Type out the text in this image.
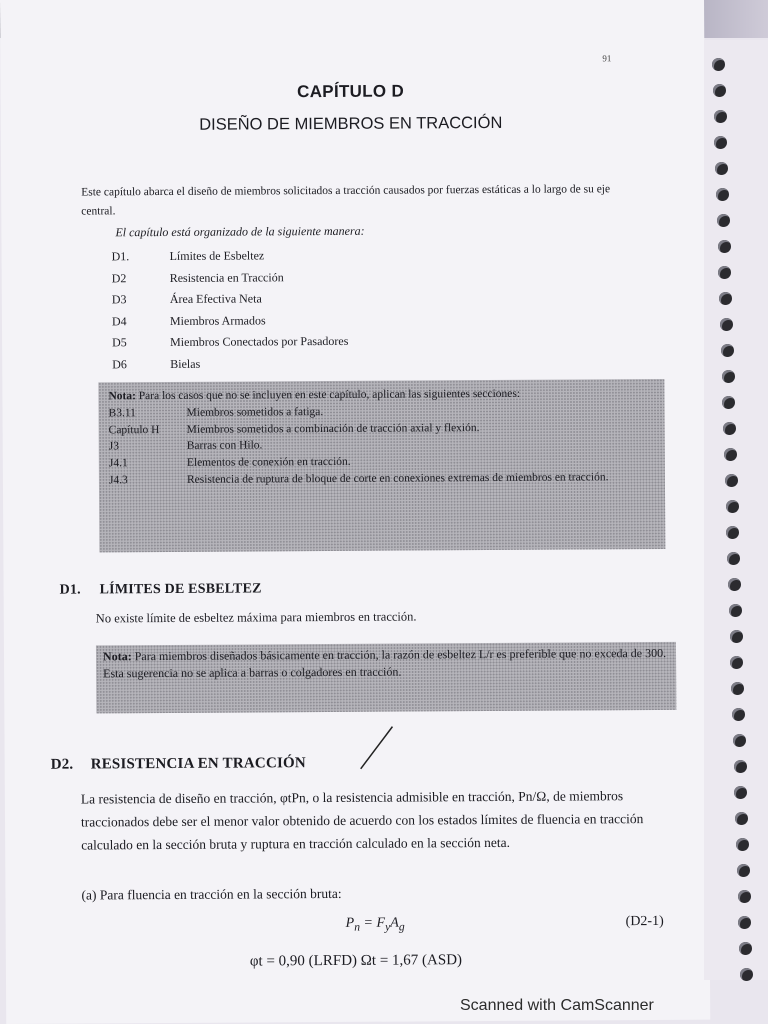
91
CAPÍTULO D
DISEÑO DE MIEMBROS EN TRACCIÓN
Este capítulo abarca el diseño de miembros solicitados a tracción causados por fuerzas estáticas a lo largo de su eje central.
El capítulo está organizado de la siguiente manera:
D1.	Límites de Esbeltez
D2	Resistencia en Tracción
D3	Área Efectiva Neta
D4	Miembros Armados
D5	Miembros Conectados por Pasadores
D6	Bielas
Nota: Para los casos que no se incluyen en este capítulo, aplican las siguientes secciones:
B3.11	Miembros sometidos a fatiga.
Capítulo H	Miembros sometidos a combinación de tracción axial y flexión.
J3	Barras con Hilo.
J4.1	Elementos de conexión en tracción.
J4.3	Resistencia de ruptura de bloque de corte en conexiones extremas de miembros en tracción.
D1. LÍMITES DE ESBELTEZ
No existe límite de esbeltez máxima para miembros en tracción.
Nota: Para miembros diseñados básicamente en tracción, la razón de esbeltez L/r es preferible que no exceda de 300. Esta sugerencia no se aplica a barras o colgadores en tracción.
D2. RESISTENCIA EN TRACCIÓN
La resistencia de diseño en tracción, φtPn, o la resistencia admisible en tracción, Pn/Ω, de miembros traccionados debe ser el menor valor obtenido de acuerdo con los estados límites de fluencia en tracción calculado en la sección bruta y ruptura en tracción calculado en la sección neta.
(a) Para fluencia en tracción en la sección bruta:
$P_n = F_yA_g$	(D2-1)
φt = 0,90 (LRFD) Ωt = 1,67 (ASD)
Scanned with CamScanner
